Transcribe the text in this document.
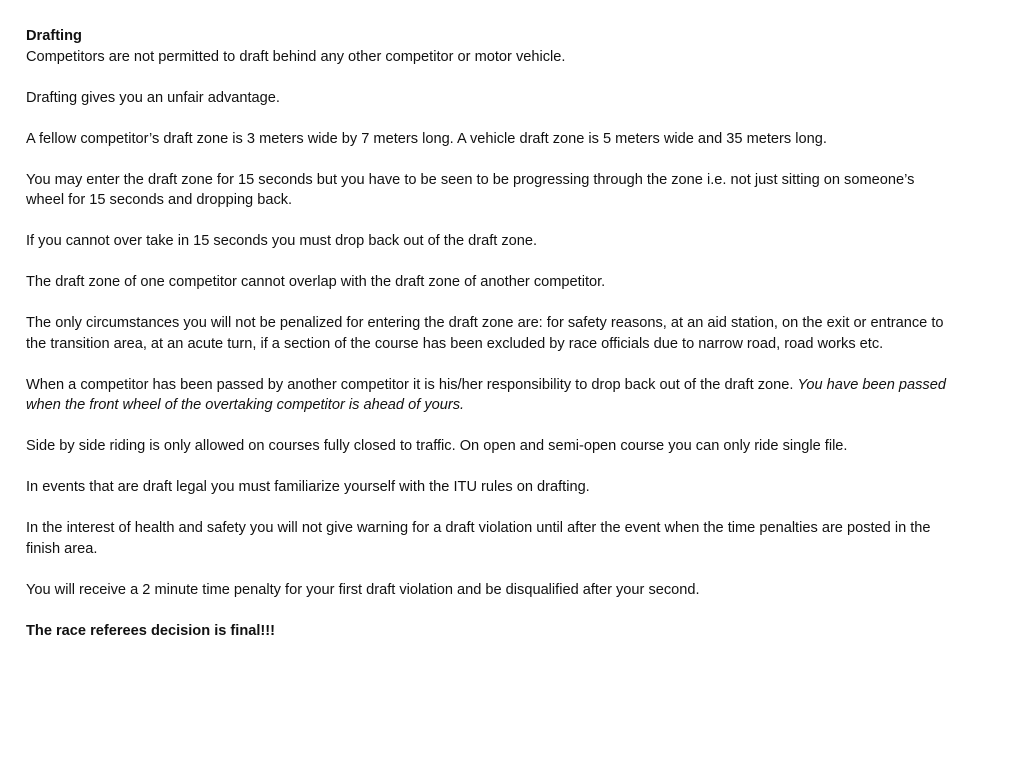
Drafting

Competitors are not permitted to draft behind any other competitor or motor vehicle.

Drafting gives you an unfair advantage.

A fellow competitor’s draft zone is 3 meters wide by 7 meters long. A vehicle draft zone is 5 meters wide and 35 meters long.

You may enter the draft zone for 15 seconds but you have to be seen to be progressing through the zone i.e. not just sitting on someone’s wheel for 15 seconds and dropping back.

If you cannot over take in 15 seconds you must drop back out of the draft zone.

The draft zone of one competitor cannot overlap with the draft zone of another competitor.

The only circumstances you will not be penalized for entering the draft zone are: for safety reasons, at an aid station, on the exit or entrance to the transition area, at an acute turn, if a section of the course has been excluded by race officials due to narrow road, road works etc.

When a competitor has been passed by another competitor it is his/her responsibility to drop back out of the draft zone. You have been passed when the front wheel of the overtaking competitor is ahead of yours.

Side by side riding is only allowed on courses fully closed to traffic. On open and semi-open course you can only ride single file.

In events that are draft legal you must familiarize yourself with the ITU rules on drafting.

In the interest of health and safety you will not give warning for a draft violation until after the event when the time penalties are posted in the finish area.

You will receive a 2 minute time penalty for your first draft violation and be disqualified after your second.

The race referees decision is final!!!
